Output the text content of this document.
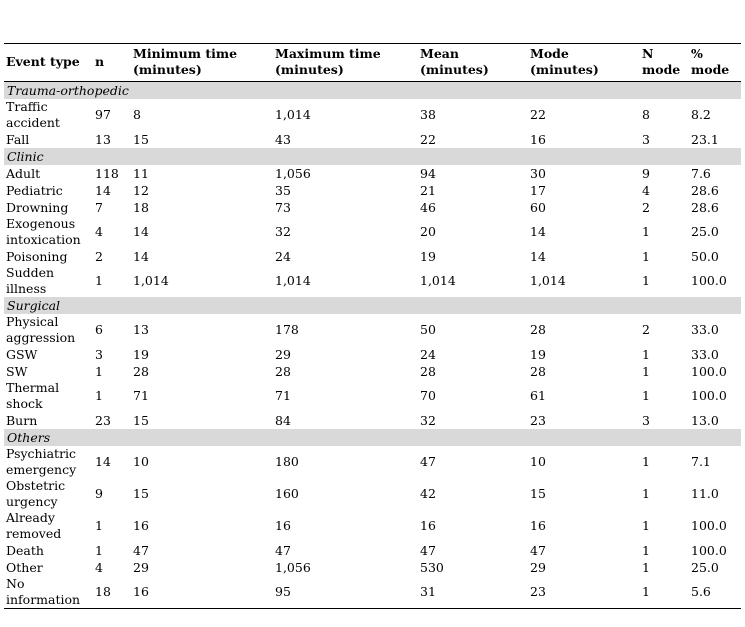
Event type	n	Minimum time (minutes)	Maximum time (minutes)	Mean (minutes)	Mode (minutes)	N mode	% mode
Trauma-orthopedic							
Traffic accident	97	8	1,014	38	22	8	8.2
Fall	13	15	43	22	16	3	23.1
Clinic							
Adult	118	11	1,056	94	30	9	7.6
Pediatric	14	12	35	21	17	4	28.6
Drowning	7	18	73	46	60	2	28.6
Exogenous intoxication	4	14	32	20	14	1	25.0
Poisoning	2	14	24	19	14	1	50.0
Sudden illness	1	1,014	1,014	1,014	1,014	1	100.0
Surgical							
Physical aggression	6	13	178	50	28	2	33.0
GSW	3	19	29	24	19	1	33.0
SW	1	28	28	28	28	1	100.0
Thermal shock	1	71	71	70	61	1	100.0
Burn	23	15	84	32	23	3	13.0
Others							
Psychiatric emergency	14	10	180	47	10	1	7.1
Obstetric urgency	9	15	160	42	15	1	11.0
Already removed	1	16	16	16	16	1	100.0
Death	1	47	47	47	47	1	100.0
Other	4	29	1,056	530	29	1	25.0
No information	18	16	95	31	23	1	5.6
